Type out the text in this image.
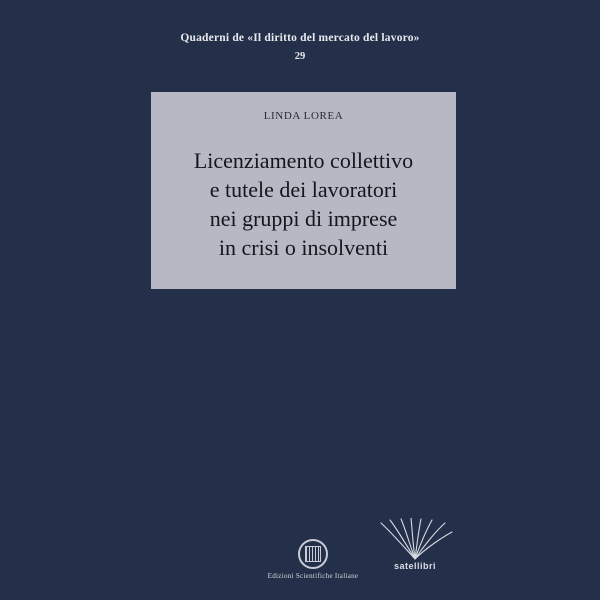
Quaderni de «Il diritto del mercato del lavoro»
29
LINDA LOREА
Licenziamento collettivo
e tutele dei lavoratori
nei gruppi di imprese
in crisi o insolventi
Edizioni Scientifiche Italiane
satellibri
